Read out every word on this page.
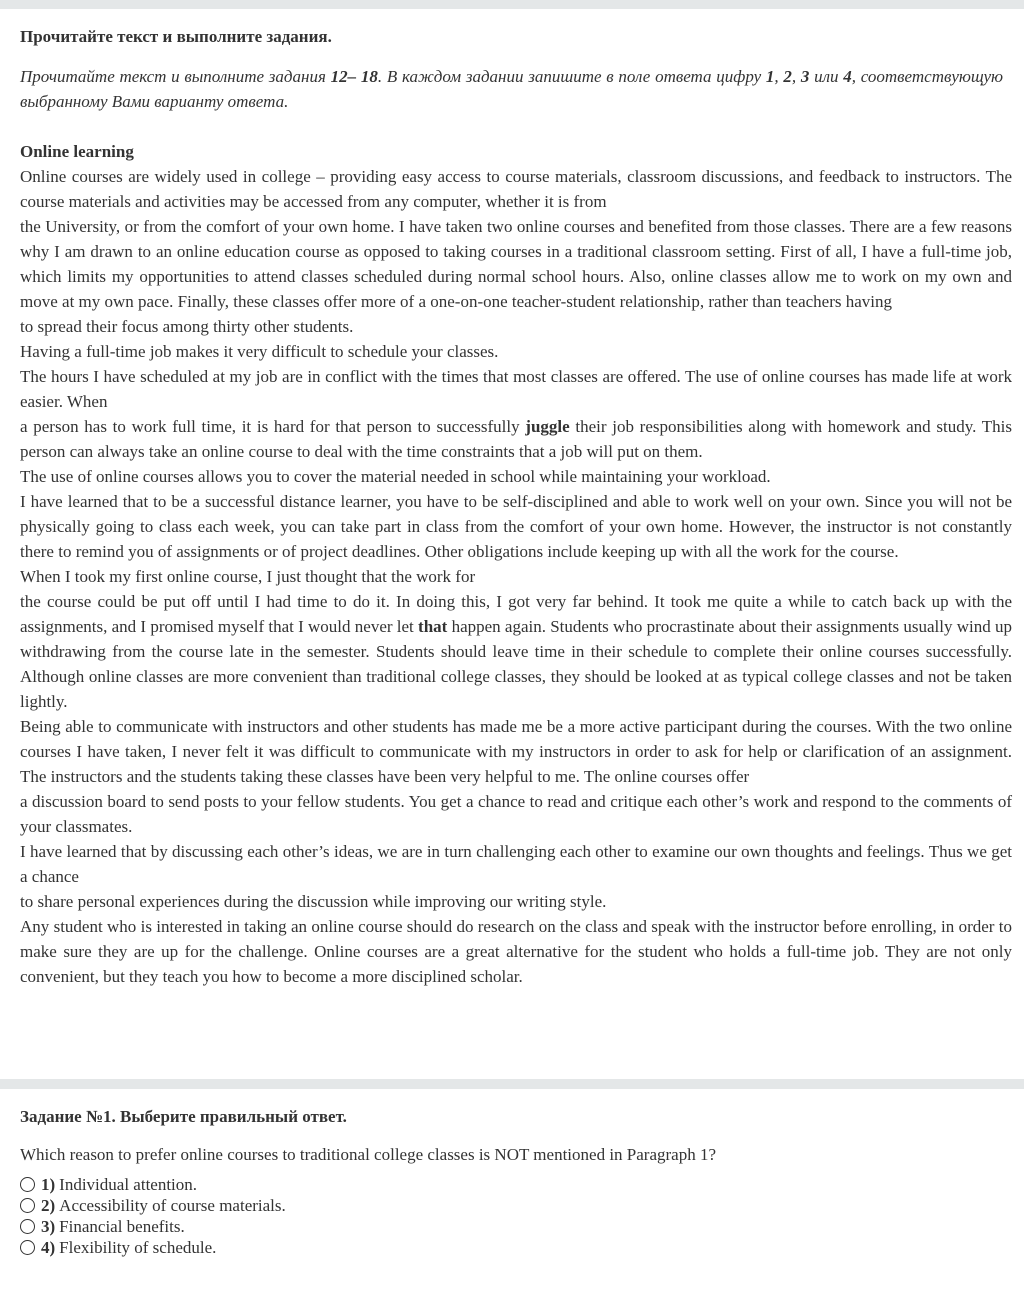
Прочитайте текст и выполните задания.
Прочитайте текст и выполните задания 12– 18. В каждом задании запишите в поле ответа цифру 1, 2, 3 или 4, соответствующую выбранному Вами варианту ответа.

Online learning

Online courses are widely used in college – providing easy access to course materials, classroom discussions, and feedback to instructors. The course materials and activities may be accessed from any computer, whether it is from

the University, or from the comfort of your own home. I have taken two online courses and benefited from those classes. There are a few reasons why I am drawn to an online education course as opposed to taking courses in a traditional classroom setting. First of all, I have a full-time job, which limits my opportunities to attend classes scheduled during normal school hours. Also, online classes allow me to work on my own and move at my own pace. Finally, these classes offer more of a one-on-one teacher-student relationship, rather than teachers having

to spread their focus among thirty other students.

Having a full-time job makes it very difficult to schedule your classes.

The hours I have scheduled at my job are in conflict with the times that most classes are offered. The use of online courses has made life at work easier. When

a person has to work full time, it is hard for that person to successfully juggle their job responsibilities along with homework and study. This person can always take an online course to deal with the time constraints that a job will put on them.

The use of online courses allows you to cover the material needed in school while maintaining your workload.

I have learned that to be a successful distance learner, you have to be self-disciplined and able to work well on your own. Since you will not be physically going to class each week, you can take part in class from the comfort of your own home. However, the instructor is not constantly there to remind you of assignments or of project deadlines. Other obligations include keeping up with all the work for the course.

When I took my first online course, I just thought that the work for

the course could be put off until I had time to do it. In doing this, I got very far behind. It took me quite a while to catch back up with the assignments, and I promised myself that I would never let that happen again. Students who procrastinate about their assignments usually wind up withdrawing from the course late in the semester. Students should leave time in their schedule to complete their online courses successfully. Although online classes are more convenient than traditional college classes, they should be looked at as typical college classes and not be taken lightly.

Being able to communicate with instructors and other students has made me be a more active participant during the courses. With the two online courses I have taken, I never felt it was difficult to communicate with my instructors in order to ask for help or clarification of an assignment. The instructors and the students taking these classes have been very helpful to me. The online courses offer

a discussion board to send posts to your fellow students. You get a chance to read and critique each other’s work and respond to the comments of your classmates.

I have learned that by discussing each other’s ideas, we are in turn challenging each other to examine our own thoughts and feelings. Thus we get a chance

to share personal experiences during the discussion while improving our writing style.

Any student who is interested in taking an online course should do research on the class and speak with the instructor before enrolling, in order to make sure they are up for the challenge. Online courses are a great alternative for the student who holds a full-time job. They are not only convenient, but they teach you how to become a more disciplined scholar.

Задание №1. Выберите правильный ответ.
Which reason to prefer online courses to traditional college classes is NOT mentioned in Paragraph 1?
1) Individual attention.
2) Accessibility of course materials.
3) Financial benefits.
4) Flexibility of schedule.
